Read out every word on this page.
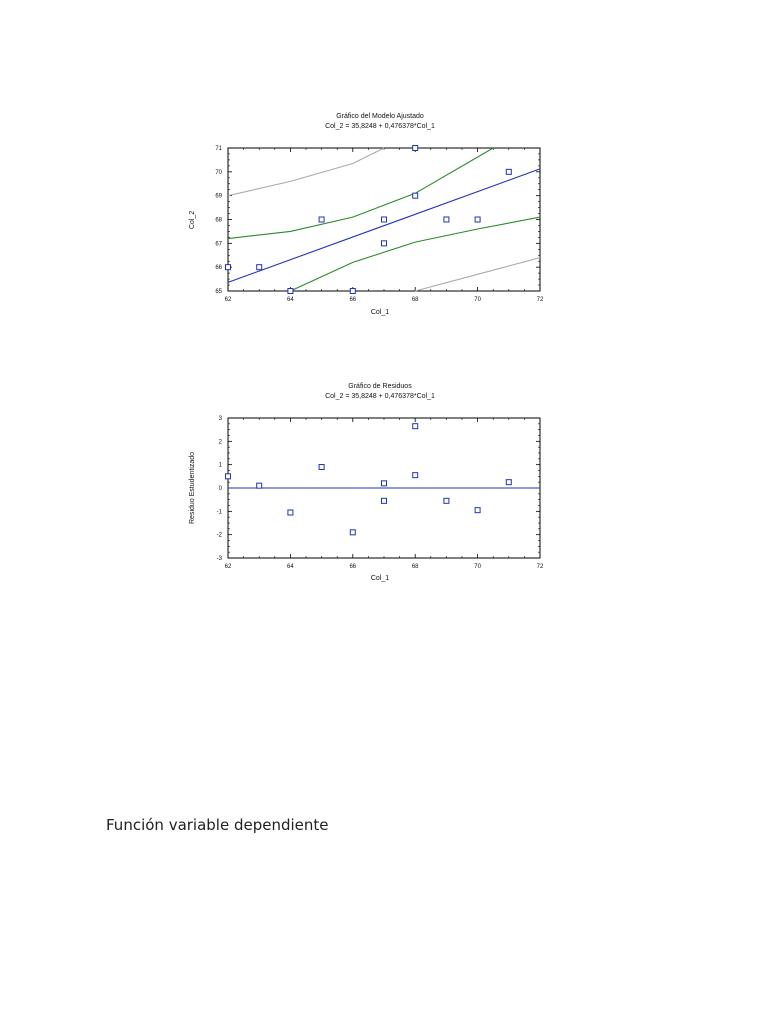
Gráfico del Modelo Ajustado
Col_2 = 35,8248 + 0,476378*Col_1
Col_1
Col_2
62	64	66	68	70	72
65
66
67
68
69
70
71
Gráfico de Residuos
Col_2 = 35,8248 + 0,476378*Col_1
Col_1
Residuo Estudentizado
62	64	66	68	70	72
-3
-2
-1
0
1
2
3

Función variable dependiente
